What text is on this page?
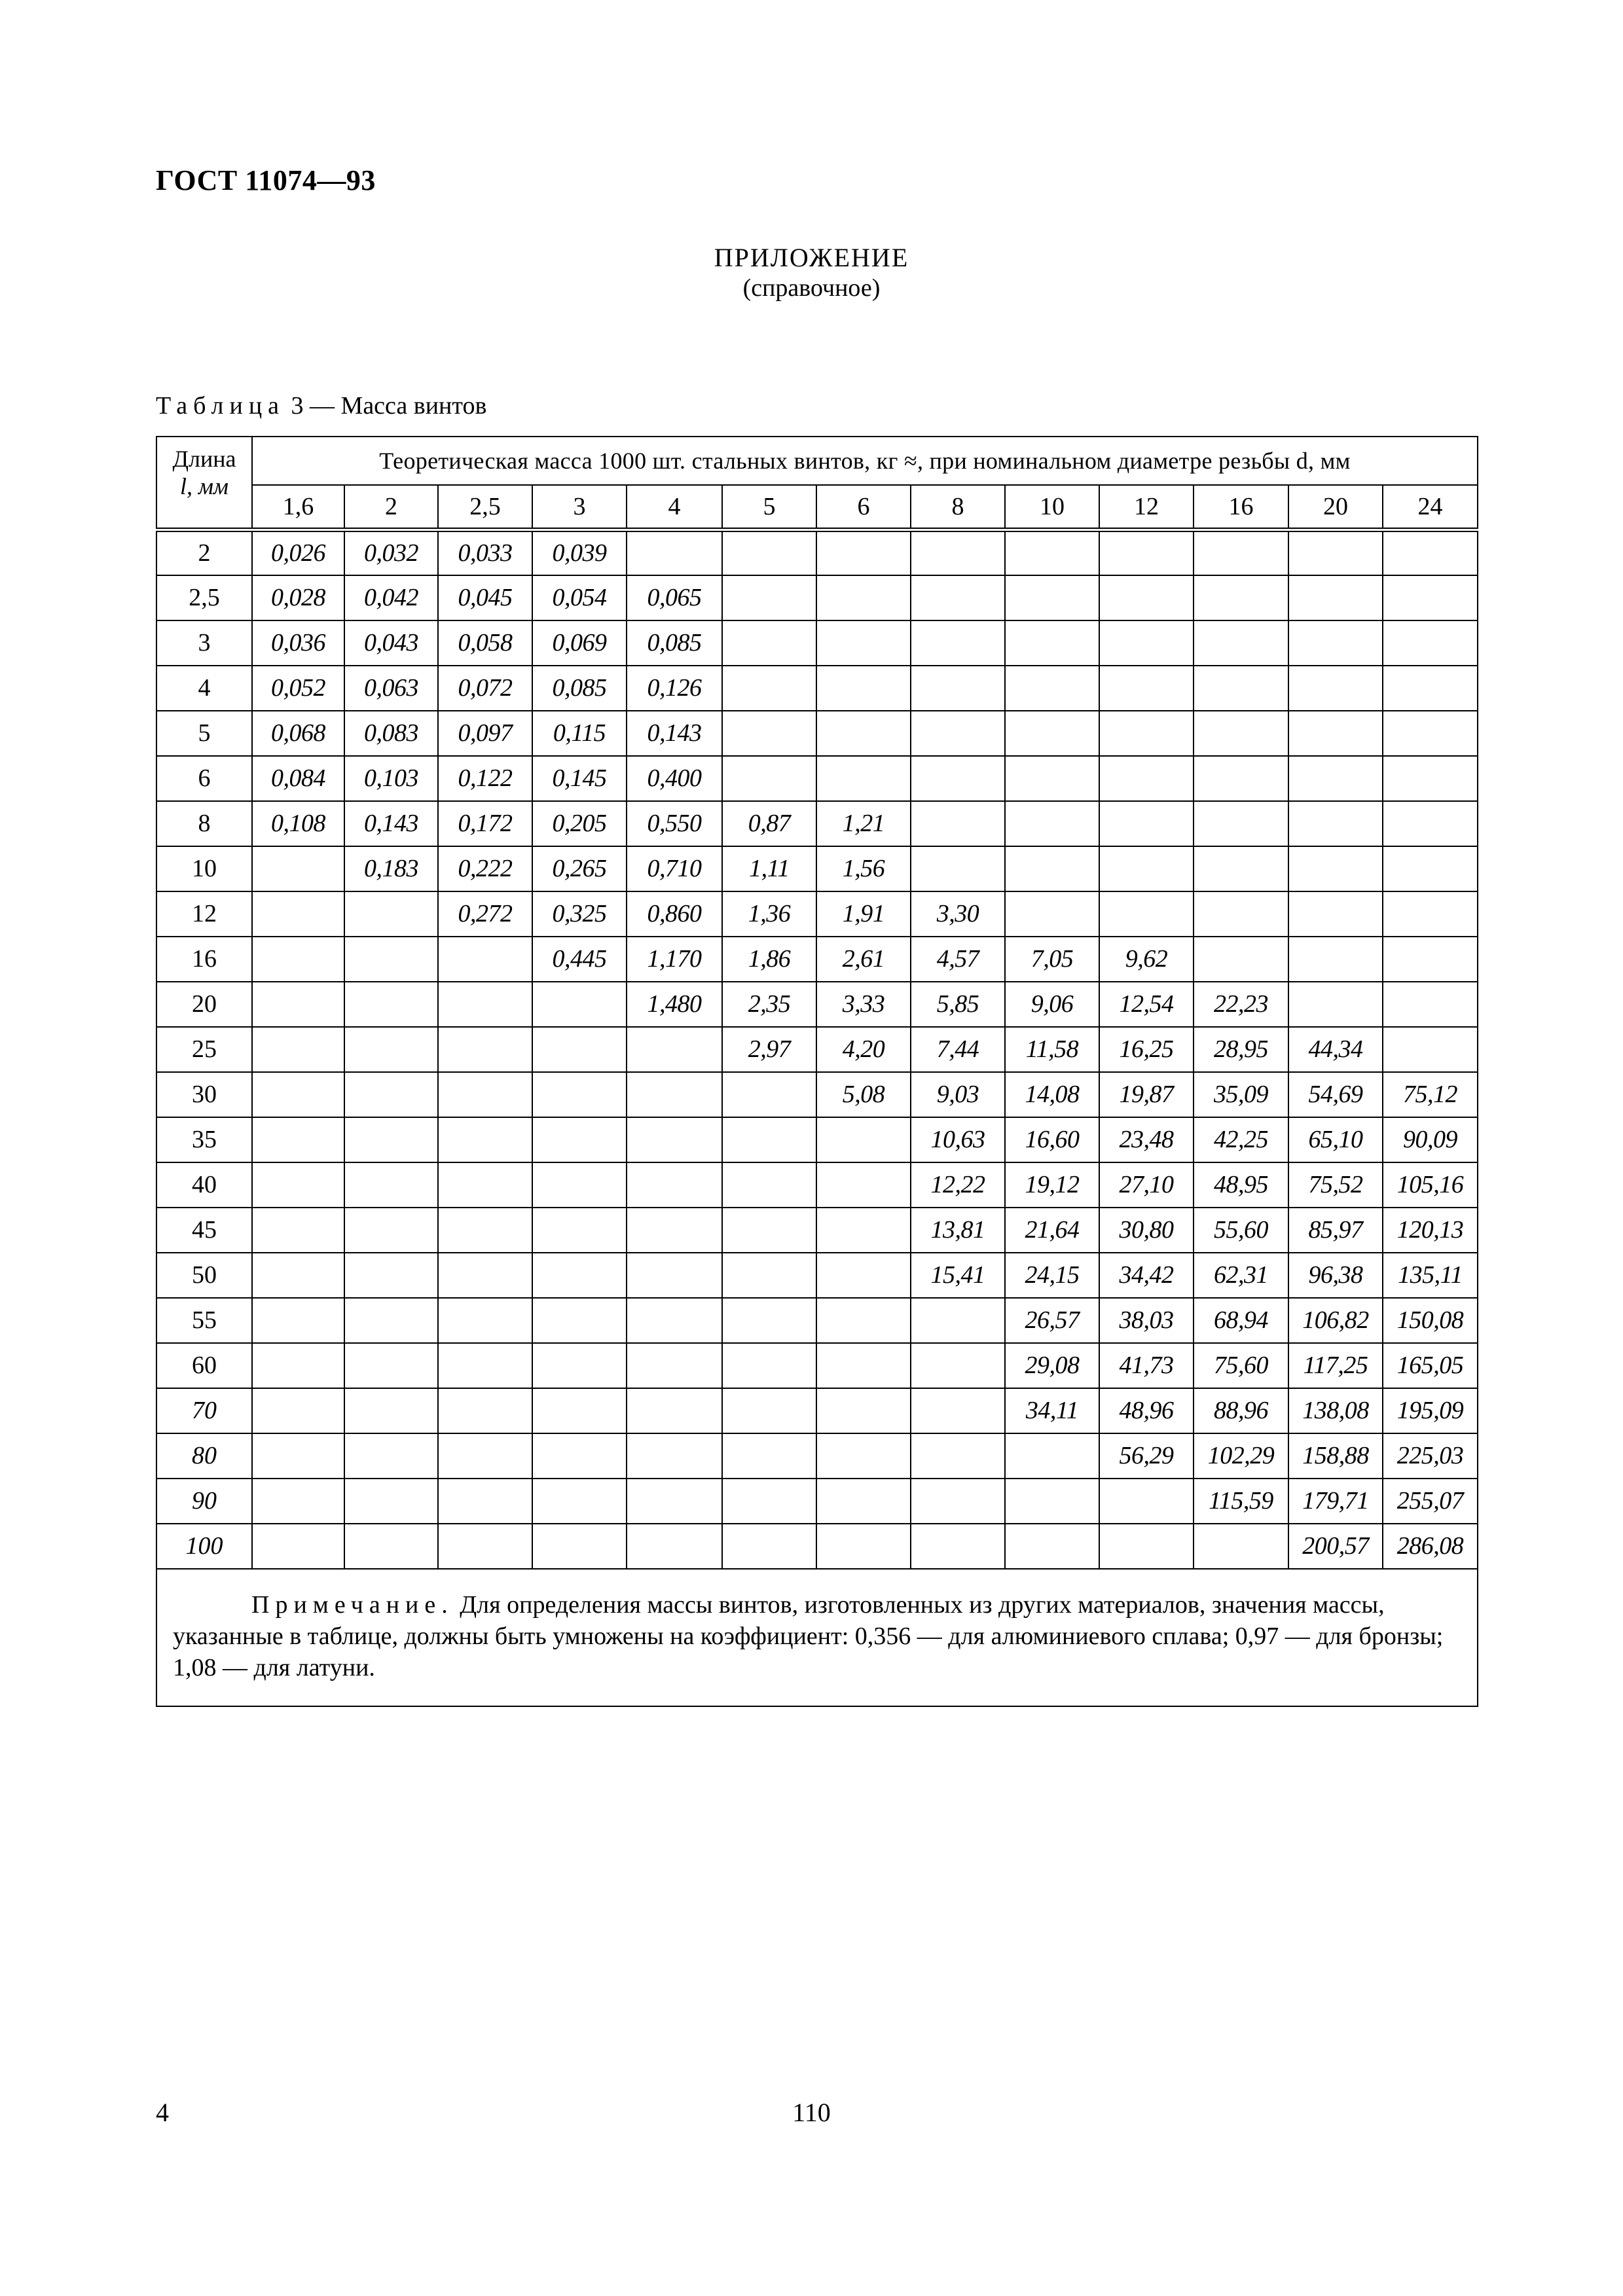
ГОСТ 11074—93
ПРИЛОЖЕНИЕ
(справочное)
Таблица 3 — Масса винтов
Длина
l, мм	Теоретическая масса 1000 шт. стальных винтов, кг ≈, при номинальном диаметре резьбы d, мм												
	1,6	2	2,5	3	4	5	6	8	10	12	16	20	24
2	0,026	0,032	0,033	0,039									
2,5	0,028	0,042	0,045	0,054	0,065								
3	0,036	0,043	0,058	0,069	0,085								
4	0,052	0,063	0,072	0,085	0,126								
5	0,068	0,083	0,097	0,115	0,143								
6	0,084	0,103	0,122	0,145	0,400								
8	0,108	0,143	0,172	0,205	0,550	0,87	1,21						
10		0,183	0,222	0,265	0,710	1,11	1,56						
12			0,272	0,325	0,860	1,36	1,91	3,30					
16				0,445	1,170	1,86	2,61	4,57	7,05	9,62			
20					1,480	2,35	3,33	5,85	9,06	12,54	22,23		
25						2,97	4,20	7,44	11,58	16,25	28,95	44,34	
30							5,08	9,03	14,08	19,87	35,09	54,69	75,12
35								10,63	16,60	23,48	42,25	65,10	90,09
40								12,22	19,12	27,10	48,95	75,52	105,16
45								13,81	21,64	30,80	55,60	85,97	120,13
50								15,41	24,15	34,42	62,31	96,38	135,11
55									26,57	38,03	68,94	106,82	150,08
60									29,08	41,73	75,60	117,25	165,05
70									34,11	48,96	88,96	138,08	195,09
80										56,29	102,29	158,88	225,03
90											115,59	179,71	255,07
100												200,57	286,08
Примечание. Для определения массы винтов, изготовленных из других материалов, значения массы, указанные в таблице, должны быть умножены на коэффициент: 0,356 — для алюминиевого сплава; 0,97 — для бронзы; 1,08 — для латуни.													
4	110
